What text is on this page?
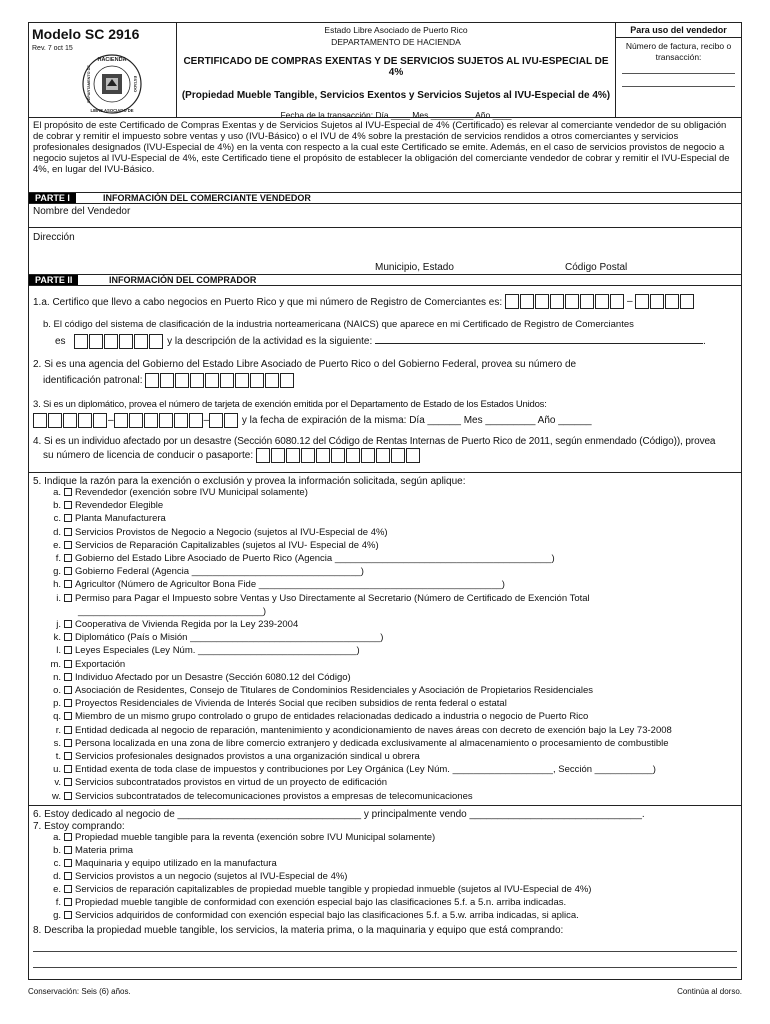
Modelo SC 2916
Rev. 7 oct 15
HACIENDA
LIBRE ASOCIADO DE
DEPARTAMENTO DE	ESTADO
Estado Libre Asociado de Puerto Rico
DEPARTAMENTO DE HACIENDA
CERTIFICADO DE COMPRAS EXENTAS Y DE SERVICIOS SUJETOS AL IVU-ESPECIAL DE 4%
(Propiedad Mueble Tangible, Servicios Exentos y Servicios Sujetos al IVU-Especial de 4%)
Fecha de la transacción: Día ____ Mes _________ Año ____
Para uso del vendedor
Número de factura, recibo o transacción:
El propósito de este Certificado de Compras Exentas y de Servicios Sujetos al IVU-Especial de 4% (Certificado) es relevar al comerciante vendedor de su obligación de cobrar y remitir el impuesto sobre ventas y uso (IVU-Básico) o el IVU de 4% sobre la prestación de servicios rendidos a otros comerciantes y servicios profesionales designados (IVU-Especial de 4%) en la venta con respecto a la cual este Certificado se emite. Además, en el caso de servicios provistos de negocio a negocio sujetos al IVU-Especial de 4%, este Certificado tiene el propósito de establecer la obligación del comerciante vendedor de cobrar y remitir el IVU-Especial de 4%, en lugar del IVU-Básico.
PARTE I	INFORMACIÓN DEL COMERCIANTE VENDEDOR
Nombre del Vendedor
Dirección
Municipio, Estado	Código Postal
PARTE II	INFORMACIÓN DEL COMPRADOR
1.a. Certifico que llevo a cabo negocios en Puerto Rico y que mi número de Registro de Comerciantes es:	–
b. El código del sistema de clasificación de la industria norteamericana (NAICS) que aparece en mi Certificado de Registro de Comerciantes
es	y la descripción de la actividad es la siguiente:	.
2. Si es una agencia del Gobierno del Estado Libre Asociado de Puerto Rico o del Gobierno Federal, provea su número de
identificación patronal:
3. Si es un diplomático, provea el número de tarjeta de exención emitida por el Departamento de Estado de los Estados Unidos:
–	–	y la fecha de expiración de la misma: Día ______ Mes _________ Año ______
4. Si es un individuo afectado por un desastre (Sección 6080.12 del Código de Rentas Internas de Puerto Rico de 2011, según enmendado (Código)), provea
su número de licencia de conducir o pasaporte:
5. Indique la razón para la exención o exclusión y provea la información solicitada, según aplique:
a. Revendedor (exención sobre IVU Municipal solamente)
b. Revendedor Elegible
c. Planta Manufacturera
d. Servicios Provistos de Negocio a Negocio (sujetos al IVU-Especial de 4%)
e. Servicios de Reparación Capitalizables (sujetos al IVU- Especial de 4%)
f. Gobierno del Estado Libre Asociado de Puerto Rico (Agencia _________________________________________)
g. Gobierno Federal (Agencia ________________________________)
h. Agricultor (Número de Agricultor Bona Fide ______________________________________________)
i. Permiso para Pagar el Impuesto sobre Ventas y Uso Directamente al Secretario (Número de Certificado de Exención Total
___________________________________)
j. Cooperativa de Vivienda Regida por la Ley 239-2004
k. Diplomático (País o Misión ____________________________________)
l. Leyes Especiales (Ley Núm. ______________________________)
m. Exportación
n. Individuo Afectado por un Desastre (Sección 6080.12 del Código)
o. Asociación de Residentes, Consejo de Titulares de Condominios Residenciales y Asociación de Propietarios Residenciales
p. Proyectos Residenciales de Vivienda de Interés Social que reciben subsidios de renta federal o estatal
q. Miembro de un mismo grupo controlado o grupo de entidades relacionadas dedicado a industria o negocio de Puerto Rico
r. Entidad dedicada al negocio de reparación, mantenimiento y acondicionamiento de naves áreas con decreto de exención bajo la Ley 73-2008
s. Persona localizada en una zona de libre comercio extranjero y dedicada exclusivamente al almacenamiento o procesamiento de combustible
t. Servicios profesionales designados provistos a una organización sindical u obrera
u. Entidad exenta de toda clase de impuestos y contribuciones por Ley Orgánica (Ley Núm. ___________________, Sección ___________)
v. Servicios subcontratados provistos en virtud de un proyecto de edificación
w. Servicios subcontratados de telecomunicaciones provistos a empresas de telecomunicaciones
6. Estoy dedicado al negocio de _________________________________ y principalmente vendo _______________________________.
7. Estoy comprando:
a. Propiedad mueble tangible para la reventa (exención sobre IVU Municipal solamente)
b. Materia prima
c. Maquinaria y equipo utilizado en la manufactura
d. Servicios provistos a un negocio (sujetos al IVU-Especial de 4%)
e. Servicios de reparación capitalizables de propiedad mueble tangible y propiedad inmueble (sujetos al IVU-Especial de 4%)
f. Propiedad mueble tangible de conformidad con exención especial bajo las clasificaciones 5.f. a 5.n. arriba indicadas.
g. Servicios adquiridos de conformidad con exención especial bajo las clasificaciones 5.f. a 5.w. arriba indicadas, si aplica.
8. Describa la propiedad mueble tangible, los servicios, la materia prima, o la maquinaria y equipo que está comprando:
Conservación: Seis (6) años.	Continúa al dorso.
